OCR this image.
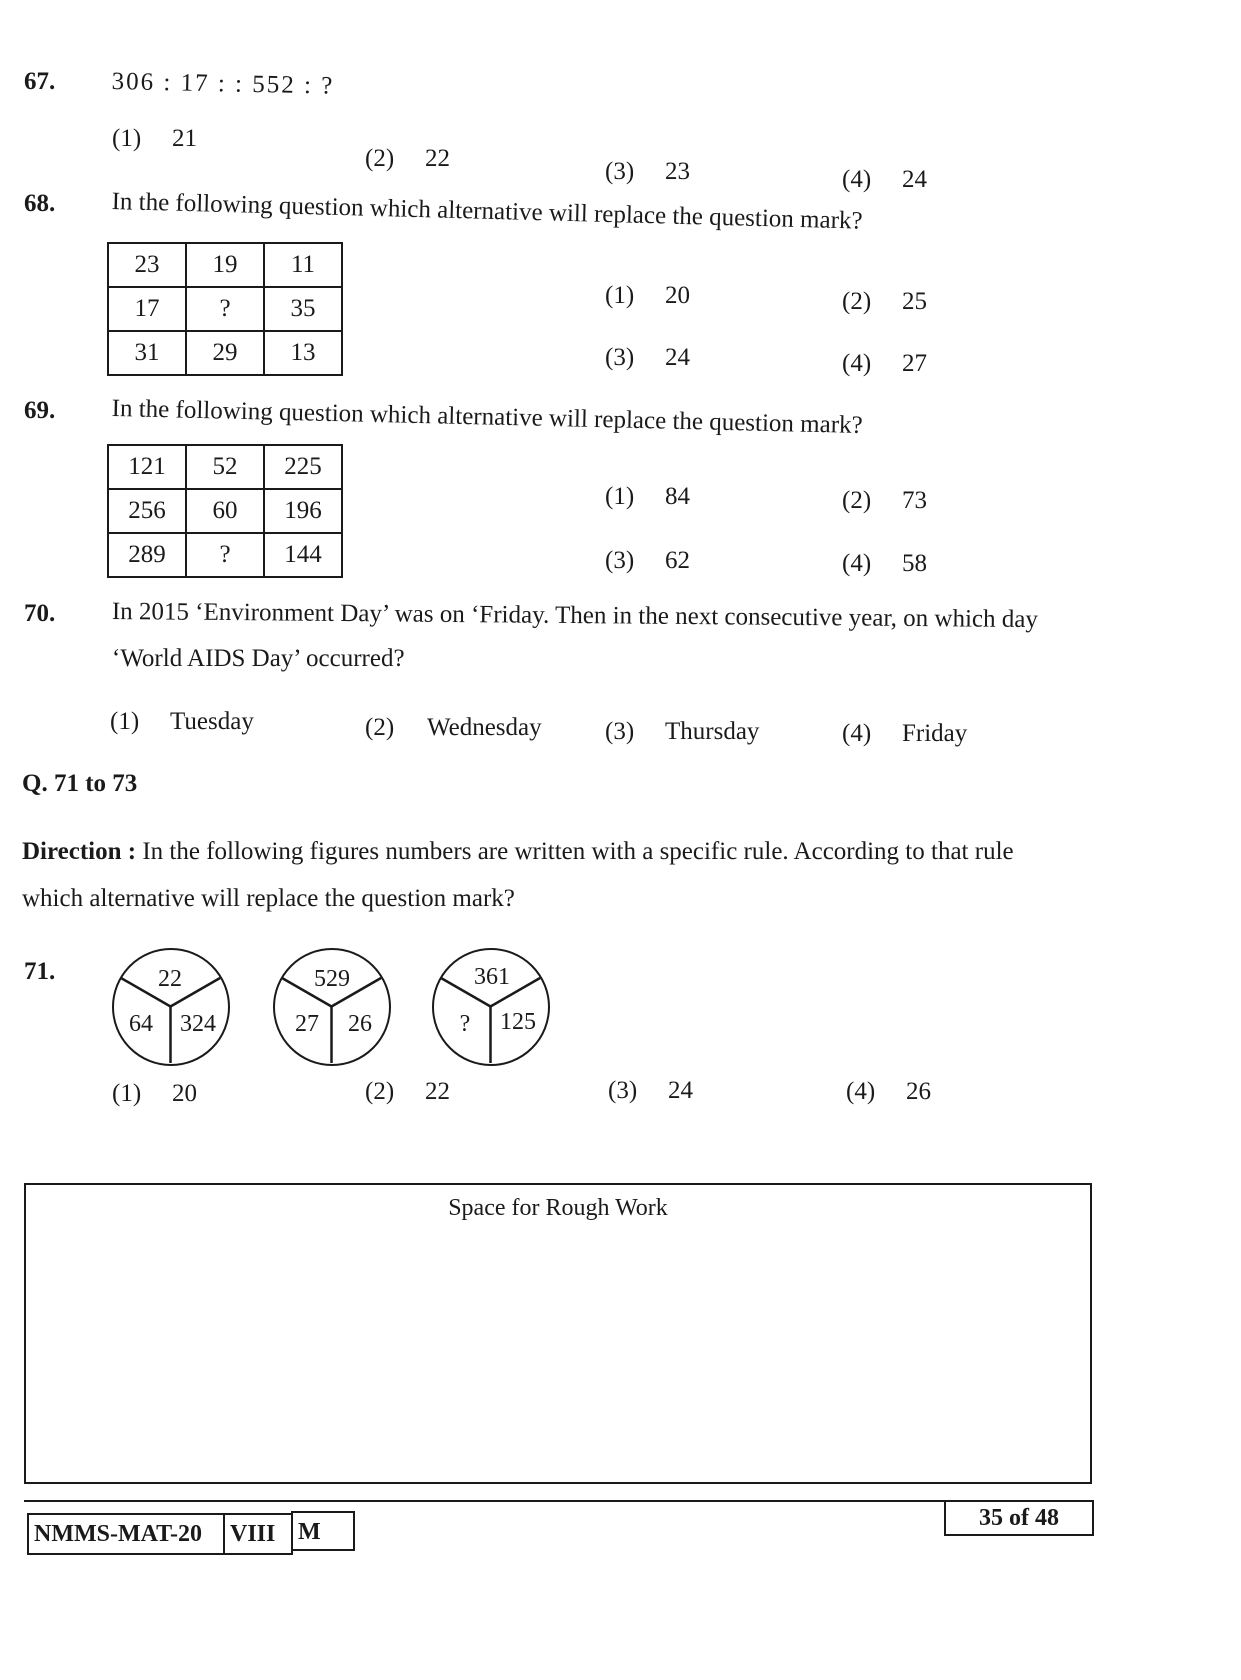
67. 306 : 17 : : 552 : ?
(1) 21
(2) 22	(3) 23	(4) 24
68. In the following question which alternative will replace the question mark?
23	19	11
17	?	35
31	29	13
(1) 20	(2) 25
(3) 24	(4) 27
69. In the following question which alternative will replace the question mark?
121	52	225
256	60	196
289	?	144
(1) 84	(2) 73
(3) 62	(4) 58
70. In 2015 ‘Environment Day’ was on ‘Friday. Then in the next consecutive year, on which day
‘World AIDS Day’ occurred?
(1) Tuesday	(2) Wednesday	(3) Thursday	(4) Friday
Q. 71 to 73
Direction : In the following figures numbers are written with a specific rule. According to that rule
which alternative will replace the question mark?
71.	22
64	324
529
27	26
361
?	125
(1) 20	(2) 22	(3) 24	(4) 26
Space for Rough Work
NMMS-MAT-20	VIII M
35 of 48
